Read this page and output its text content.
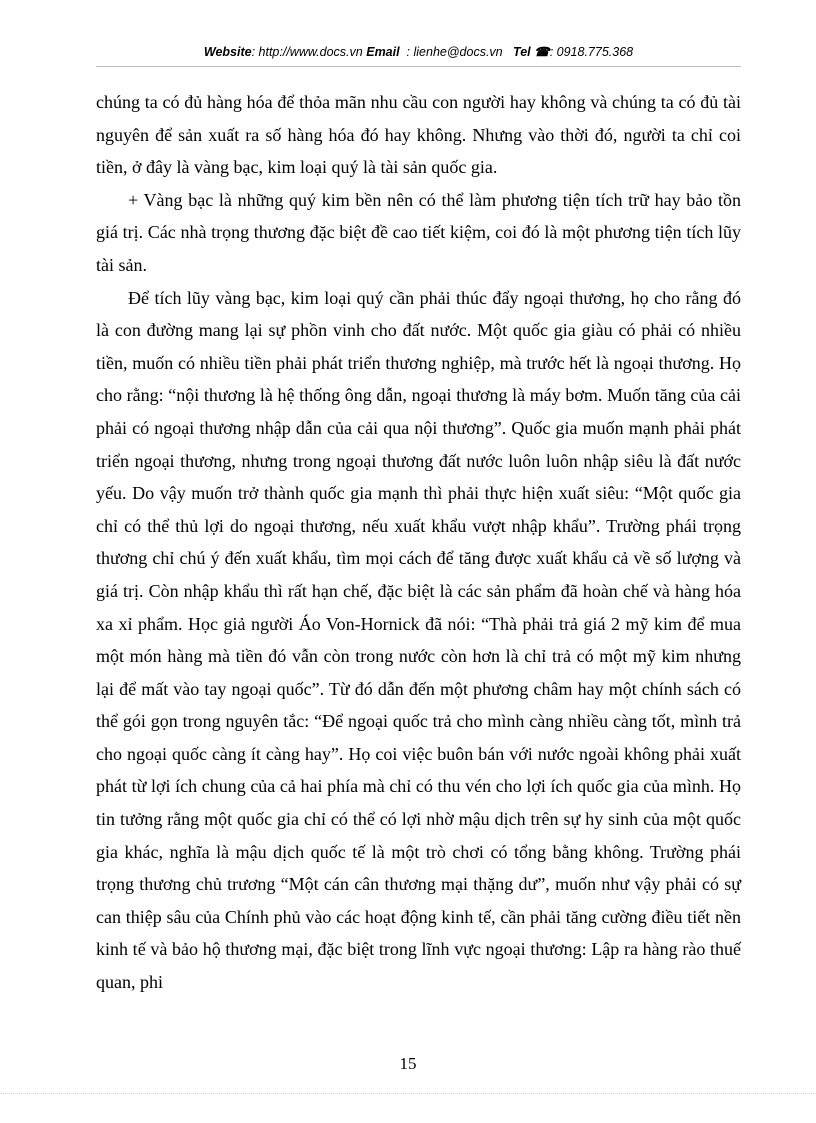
Website: http://www.docs.vn Email : lienhe@docs.vn Tel ☎: 0918.775.368

chúng ta có đủ hàng hóa để thỏa mãn nhu cầu con người hay không và chúng ta có đủ tài nguyên để sản xuất ra số hàng hóa đó hay không. Nhưng vào thời đó, người ta chỉ coi tiền, ở đây là vàng bạc, kim loại quý là tài sản quốc gia.

+ Vàng bạc là những quý kim bền nên có thể làm phương tiện tích trữ hay bảo tồn giá trị. Các nhà trọng thương đặc biệt đề cao tiết kiệm, coi đó là một phương tiện tích lũy tài sản.

Để tích lũy vàng bạc, kim loại quý cần phải thúc đẩy ngoại thương, họ cho rằng đó là con đường mang lại sự phồn vinh cho đất nước. Một quốc gia giàu có phải có nhiều tiền, muốn có nhiều tiền phải phát triển thương nghiệp, mà trước hết là ngoại thương. Họ cho rằng: “nội thương là hệ thống ông dẫn, ngoại thương là máy bơm. Muốn tăng của cải phải có ngoại thương nhập dẫn của cải qua nội thương”. Quốc gia muốn mạnh phải phát triển ngoại thương, nhưng trong ngoại thương đất nước luôn luôn nhập siêu là đất nước yếu. Do vậy muốn trở thành quốc gia mạnh thì phải thực hiện xuất siêu: “Một quốc gia chỉ có thể thủ lợi do ngoại thương, nếu xuất khẩu vượt nhập khẩu”. Trường phái trọng thương chỉ chú ý đến xuất khẩu, tìm mọi cách để tăng được xuất khẩu cả về số lượng và giá trị. Còn nhập khẩu thì rất hạn chế, đặc biệt là các sản phẩm đã hoàn chế và hàng hóa xa xỉ phẩm. Học giả người Áo Von-Hornick đã nói: “Thà phải trả giá 2 mỹ kim để mua một món hàng mà tiền đó vẫn còn trong nước còn hơn là chỉ trả có một mỹ kim nhưng lại để mất vào tay ngoại quốc”. Từ đó dẫn đến một phương châm hay một chính sách có thể gói gọn trong nguyên tắc: “Để ngoại quốc trả cho mình càng nhiều càng tốt, mình trả cho ngoại quốc càng ít càng hay”. Họ coi việc buôn bán với nước ngoài không phải xuất phát từ lợi ích chung của cả hai phía mà chỉ có thu vén cho lợi ích quốc gia của mình. Họ tin tưởng rằng một quốc gia chỉ có thể có lợi nhờ mậu dịch trên sự hy sinh của một quốc gia khác, nghĩa là mậu dịch quốc tế là một trò chơi có tổng bằng không. Trường phái trọng thương chủ trương “Một cán cân thương mại thặng dư”, muốn như vậy phải có sự can thiệp sâu của Chính phủ vào các hoạt động kinh tế, cần phải tăng cường điều tiết nền kinh tế và bảo hộ thương mại, đặc biệt trong lĩnh vực ngoại thương: Lập ra hàng rào thuế quan, phi

15
